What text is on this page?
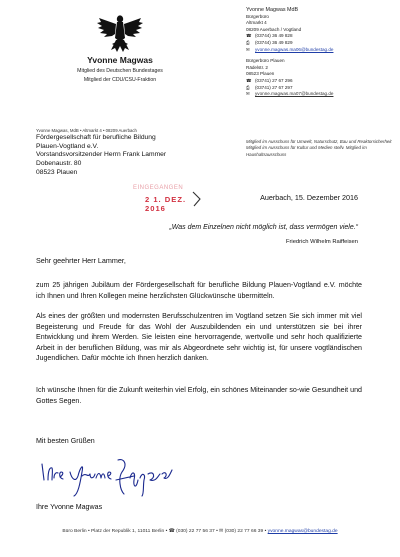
Yvonne Magwas
Mitglied des Deutschen Bundestages
Mitglied der CDU/CSU-Fraktion
Yvonne Magwas MdB
Bürgerbüro
Altmarkt 4
08209 Auerbach / Vogtland
☎ (03744) 36 49 828
⎙ (03744) 36 49 829
✉ yvonne.magwas.ma06@bundestag.de
Bürgerbüro Plauen
Rädelstr. 2
08523 Plauen
☎ (03741) 27 67 296
⎙ (03741) 27 67 297
✉ yvonne.magwas.ma07@bundestag.de
Mitglied im Ausschuss für Umwelt, Naturschutz, Bau und Reaktorsicherheit Mitglied im Ausschuss für Kultur und Medien stellv. Mitglied im Haushaltsausschuss
Yvonne Magwas, MdB • Altmarkt 4 • 08209 Auerbach
Fördergesellschaft für berufliche Bildung
Plauen-Vogtland e.V.
Vorstandsvorsitzender Herrn Frank Lammer
Dobenaustr. 80
08523 Plauen
EINGEGANGEN
2 1. DEZ. 2016
Auerbach, 15. Dezember 2016
„Was dem Einzelnen nicht möglich ist, dass vermögen viele.“
Friedrich Wilhelm Raiffeisen
Sehr geehrter Herr Lammer,
zum 25 jährigen Jubiläum der Fördergesellschaft für berufliche Bildung Plauen-Vogtland e.V. möchte ich Ihnen und Ihren Kollegen meine herzlichsten Glückwünsche übermitteln.
Als eines der größten und modernsten Berufsschulzentren im Vogtland setzen Sie sich immer mit viel Begeisterung und Freude für das Wohl der Auszubildenden ein und unterstützen sie bei ihrer Entwicklung und ihrem Werden. Sie leisten eine hervorragende, wertvolle und sehr hoch qualifizierte Arbeit in der beruflichen Bildung, was mir als Abgeordnete sehr wichtig ist, für unsere vogtländischen Jugendlichen. Dafür möchte ich Ihnen herzlich danken.
Ich wünsche Ihnen für die Zukunft weiterhin viel Erfolg, ein schönes Miteinander so-wie Gesundheit und Gottes Segen.
Mit besten Grüßen
Ihre Yvonne Magwas
Büro Berlin • Platz der Republik 1, 11011 Berlin • ☎ (030) 22 77 56 37 • ✉ (030) 22 77 66 39 • yvonne.magwas@bundestag.de
